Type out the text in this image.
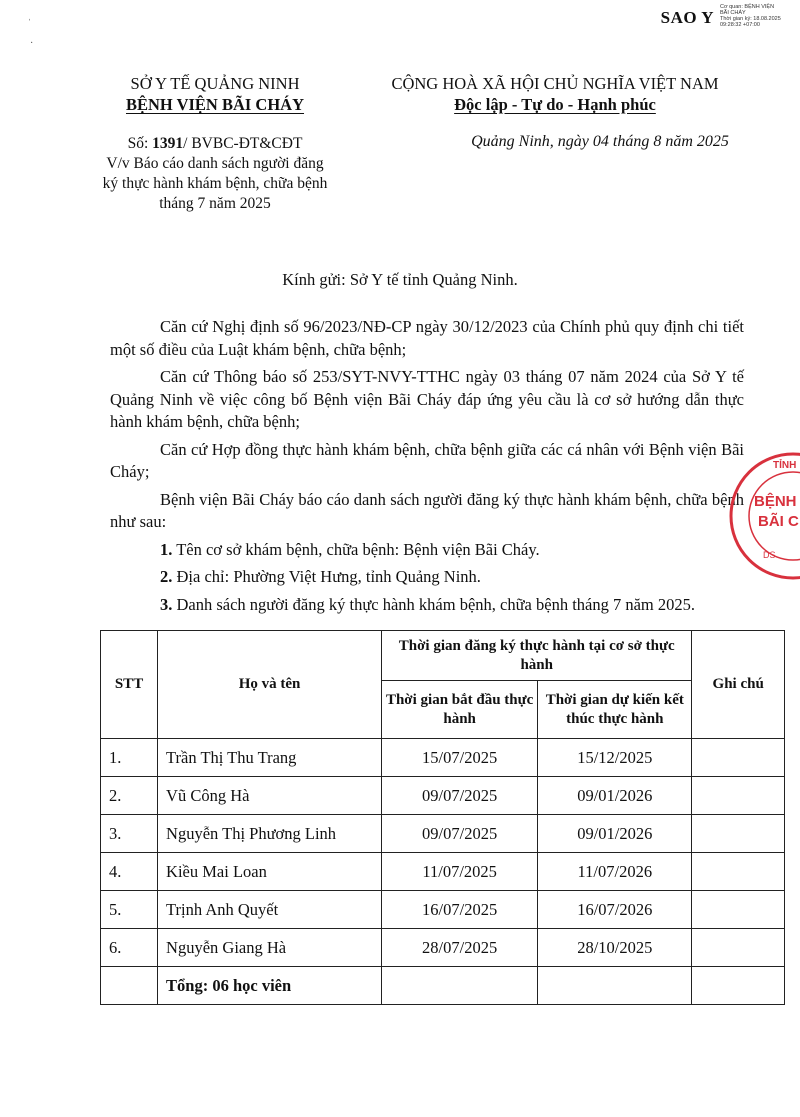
SAO Y
Cơ quan: BỆNH VIỆN
BÃI CHÁY
Thời gian ký: 18.08.2025
09:28:32 +07:00
ˌ
·
SỞ Y TẾ QUẢNG NINH
BỆNH VIỆN BÃI CHÁY
CỘNG HOÀ XÃ HỘI CHỦ NGHĨA VIỆT NAM
Độc lập - Tự do - Hạnh phúc
Số: 1391/ BVBC-ĐT&CĐT
V/v Báo cáo danh sách người đăng
ký thực hành khám bệnh, chữa bệnh
tháng 7 năm 2025
Quảng Ninh, ngày 04 tháng 8 năm 2025
Kính gửi: Sở Y tế tỉnh Quảng Ninh.

Căn cứ Nghị định số 96/2023/NĐ-CP ngày 30/12/2023 của Chính phủ quy định chi tiết một số điều của Luật khám bệnh, chữa bệnh;

Căn cứ Thông báo số 253/SYT-NVY-TTHC ngày 03 tháng 07 năm 2024 của Sở Y tế Quảng Ninh về việc công bố Bệnh viện Bãi Cháy đáp ứng yêu cầu là cơ sở hướng dẫn thực hành khám bệnh, chữa bệnh;

Căn cứ Hợp đồng thực hành khám bệnh, chữa bệnh giữa các cá nhân với Bệnh viện Bãi Cháy;

Bệnh viện Bãi Cháy báo cáo danh sách người đăng ký thực hành khám bệnh, chữa bệnh như sau:

1. Tên cơ sở khám bệnh, chữa bệnh: Bệnh viện Bãi Cháy.

2. Địa chỉ: Phường Việt Hưng, tỉnh Quảng Ninh.

3. Danh sách người đăng ký thực hành khám bệnh, chữa bệnh tháng 7 năm 2025.

TỈNH
BỆNH
BÃI C
DS
STT	Họ và tên	Thời gian đăng ký thực hành tại cơ sở thực hành	Ghi chú
Thời gian bắt đầu thực hành	Thời gian dự kiến kết thúc thực hành
1.	Trần Thị Thu Trang	15/07/2025	15/12/2025	
2.	Vũ Công Hà	09/07/2025	09/01/2026	
3.	Nguyễn Thị Phương Linh	09/07/2025	09/01/2026	
4.	Kiều Mai Loan	11/07/2025	11/07/2026	
5.	Trịnh Anh Quyết	16/07/2025	16/07/2026	
6.	Nguyễn Giang Hà	28/07/2025	28/10/2025	
	Tổng: 06 học viên			
